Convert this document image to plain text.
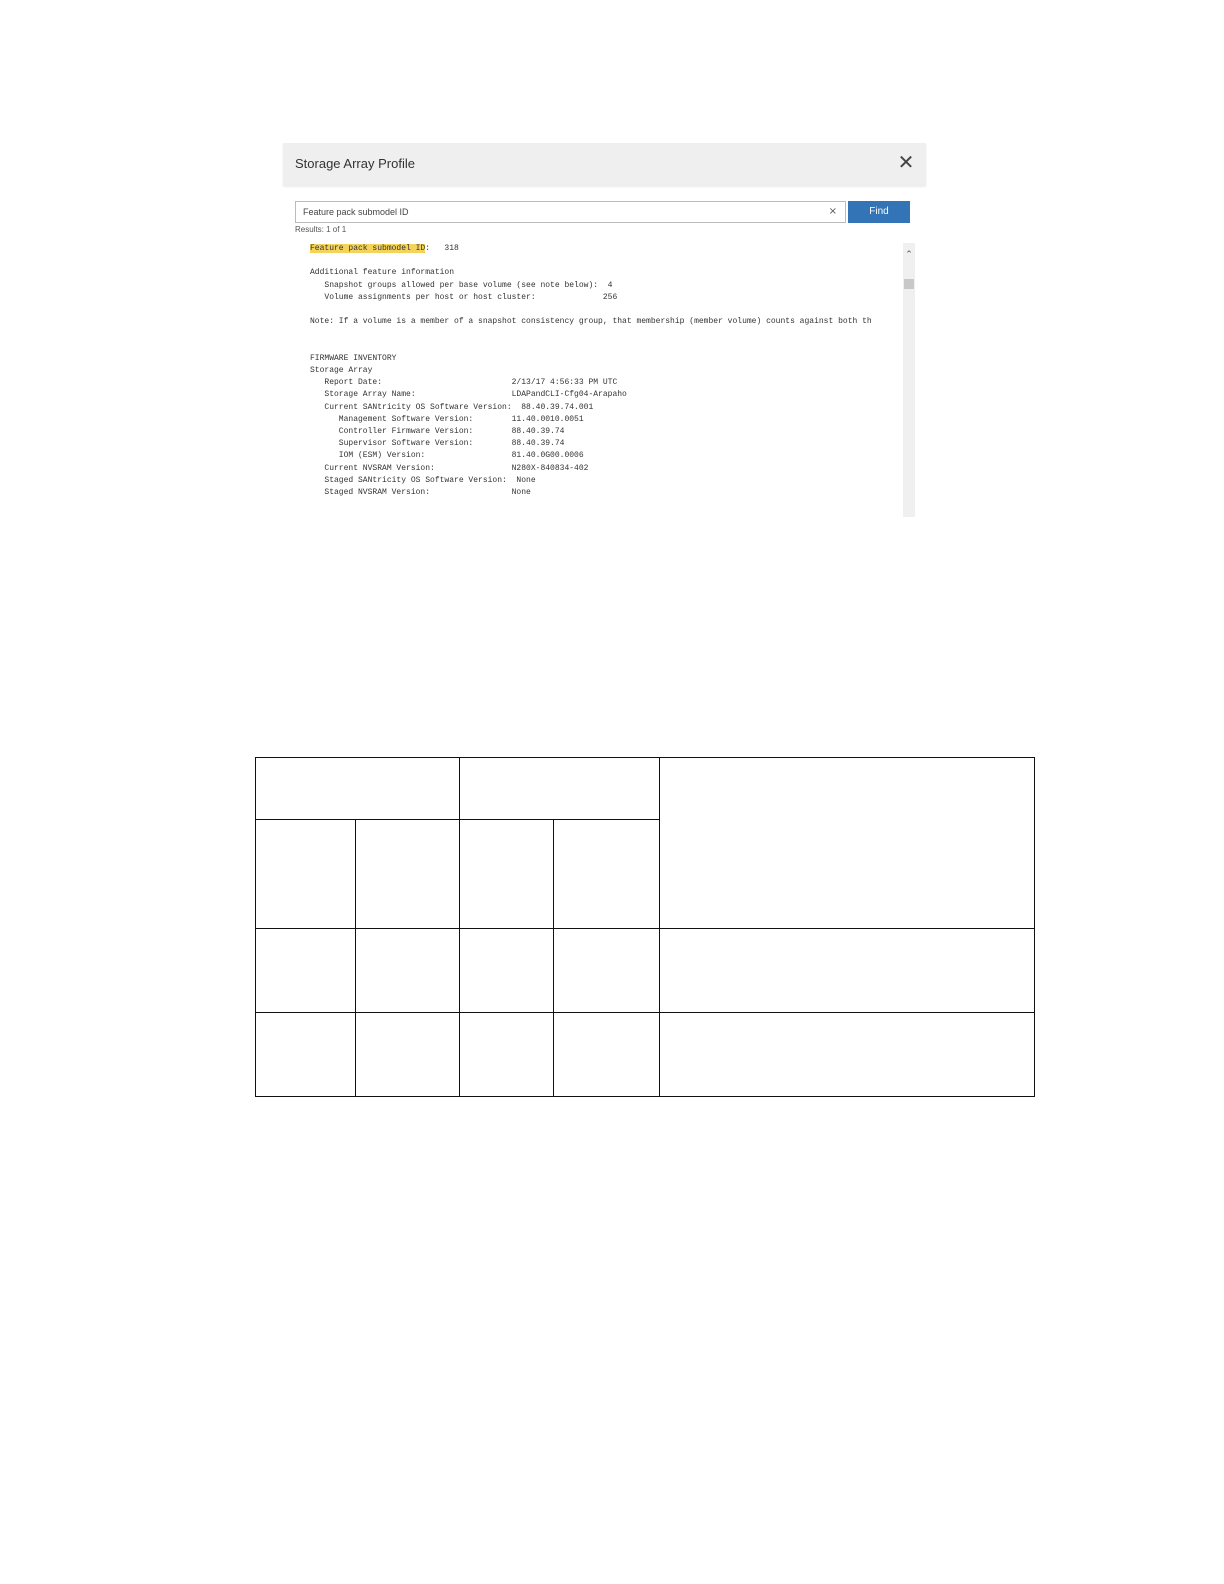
Storage Array Profile	✕
Feature pack submodel ID
×	Find
Results: 1 of 1
Feature pack submodel ID:   318

Additional feature information
Snapshot groups allowed per base volume (see note below):  4
Volume assignments per host or host cluster:              256

Note: If a volume is a member of a snapshot consistency group, that membership (member volume) counts against both th

FIRMWARE INVENTORY
Storage Array
Report Date:                           2/13/17 4:56:33 PM UTC
Storage Array Name:                    LDAPandCLI-Cfg04-Arapaho
Current SANtricity OS Software Version:  88.40.39.74.001
Management Software Version:        11.40.0010.0051
Controller Firmware Version:        88.40.39.74
Supervisor Software Version:        88.40.39.74
IOM (ESM) Version:                  81.40.0G00.0006
Current NVSRAM Version:                N280X-840834-402
Staged SANtricity OS Software Version:  None
Staged NVSRAM Version:                 None
⌃
